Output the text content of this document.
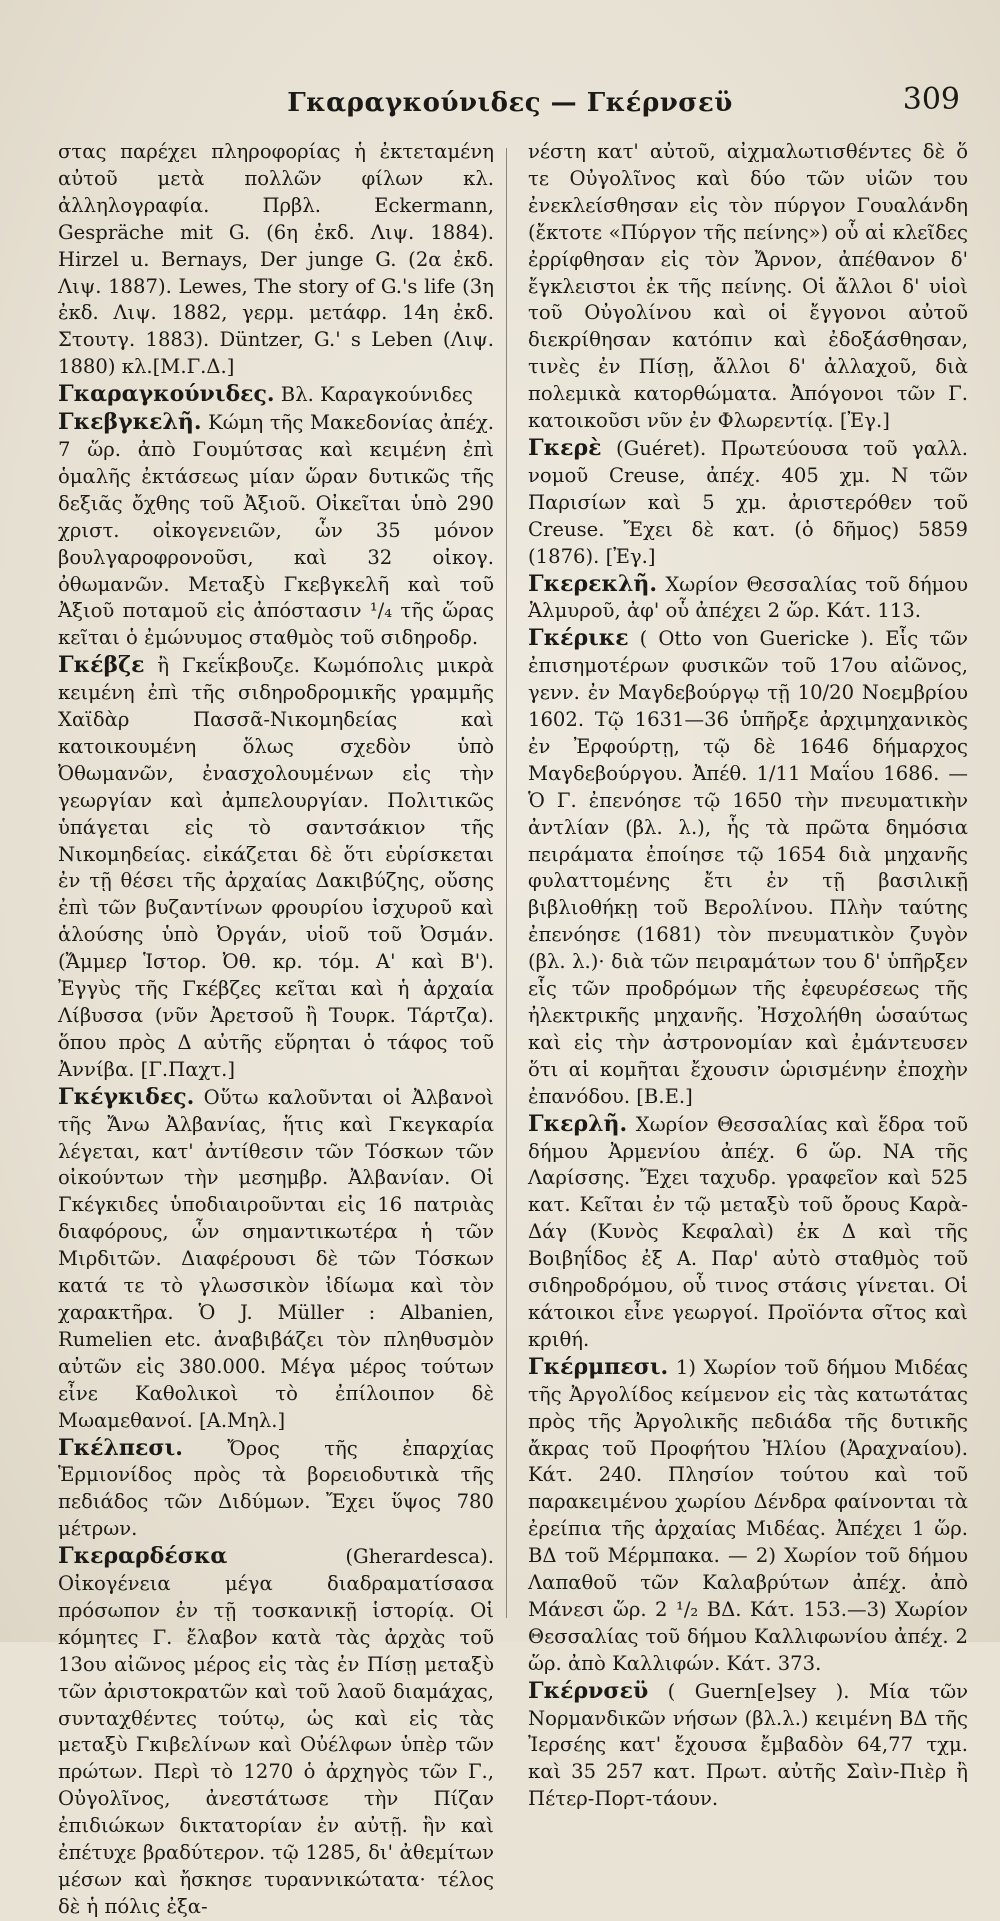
Γκαραγκούνιδες — Γκέρνσεϋ	309

στας παρέχει πληροφορίας ἡ ἐκτεταμένη αὐτοῦ μετὰ πολλῶν φίλων κλ. ἀλληλογραφία. Πρβλ. Eckermann, Gespräche mit G. (6η ἐκδ. Λιψ. 1884). Hirzel u. Bernays, Der junge G. (2α ἐκδ. Λιψ. 1887). Lewes, The story of G.'s life (3η ἐκδ. Λιψ. 1882, γερμ. μετάφρ. 14η ἐκδ. Στουτγ. 1883). Düntzer, G.' s Leben (Λιψ. 1880) κλ.[Μ.Γ.Δ.]

Γκαραγκούνιδες. Βλ. Καραγκούνιδες

Γκεβγκελῆ. Κώμη τῆς Μακεδονίας ἀπέχ. 7 ὥρ. ἀπὸ Γουμύτσας καὶ κειμένη ἐπὶ ὁμαλῆς ἐκτάσεως μίαν ὥραν δυτικῶς τῆς δεξιᾶς ὄχθης τοῦ Ἀξιοῦ. Οἰκεῖται ὑπὸ 290 χριστ. οἰκογενειῶν, ὧν 35 μόνον βουλγαροφρονοῦσι, καὶ 32 οἰκογ. ὀθωμανῶν. Μεταξὺ Γκεβγκελῆ καὶ τοῦ Ἀξιοῦ ποταμοῦ εἰς ἀπόστασιν ¹/₄ τῆς ὥρας κεῖται ὁ ἐμώνυμος σταθμὸς τοῦ σιδηροδρ.

Γκέβζε ἢ Γκεΐκβουζε. Κωμόπολις μικρὰ κειμένη ἐπὶ τῆς σιδηροδρομικῆς γραμμῆς Χαϊδὰρ Πασσᾶ-Νικομηδείας καὶ κατοικουμένη ὅλως σχεδὸν ὑπὸ Ὀθωμανῶν, ἐνασχολουμένων εἰς τὴν γεωργίαν καὶ ἀμπελουργίαν. Πολιτικῶς ὑπάγεται εἰς τὸ σαντσάκιον τῆς Νικομηδείας. εἰκάζεται δὲ ὅτι εὑρίσκεται ἐν τῇ θέσει τῆς ἀρχαίας Δακιβύζης, οὔσης ἐπὶ τῶν βυζαντίνων φρουρίου ἰσχυροῦ καὶ ἁλούσης ὑπὸ Ὀργάν, υἱοῦ τοῦ Ὀσμάν. (Ἄμμερ Ἱστορ. Ὀθ. κρ. τόμ. Α' καὶ Β'). Ἐγγὺς τῆς Γκέβζες κεῖται καὶ ἡ ἀρχαία Λίβυσσα (νῦν Ἀρετσοῦ ἢ Τουρκ. Τάρτζα). ὅπου πρὸς Δ αὐτῆς εὕρηται ὁ τάφος τοῦ Ἀννίβα. [Γ.Παχτ.]

Γκέγκιδες. Οὕτω καλοῦνται οἱ Ἀλβανοὶ τῆς Ἄνω Ἀλβανίας, ἥτις καὶ Γκεγκαρία λέγεται, κατ' ἀντίθεσιν τῶν Τόσκων τῶν οἰκούντων τὴν μεσημβρ. Ἀλβανίαν. Οἱ Γκέγκιδες ὑποδιαιροῦνται εἰς 16 πατριὰς διαφόρους, ὧν σημαντικωτέρα ἡ τῶν Μιρδιτῶν. Διαφέρουσι δὲ τῶν Τόσκων κατά τε τὸ γλωσσικὸν ἰδίωμα καὶ τὸν χαρακτῆρα. Ὁ J. Müller : Albanien, Rumelien etc. ἀναβιβάζει τὸν πληθυσμὸν αὐτῶν εἰς 380.000. Μέγα μέρος τούτων εἶνε Καθολικοὶ τὸ ἐπίλοιπον δὲ Μωαμεθανοί. [Α.Μηλ.]

Γκέλπεσι. Ὄρος τῆς ἐπαρχίας Ἑρμιονίδος πρὸς τὰ βορειοδυτικὰ τῆς πεδιάδος τῶν Διδύμων. Ἔχει ὕψος 780 μέτρων.

Γκεραρδέσκα	(Gherardesca). Οἰκογένεια μέγα διαδραματίσασα πρόσωπον ἐν τῇ τοσκανικῇ ἱστορίᾳ. Οἱ κόμητες Γ. ἔλαβον κατὰ τὰς ἀρχὰς τοῦ 13ου αἰῶνος μέρος εἰς τὰς ἐν Πίσῃ μεταξὺ τῶν ἀριστοκρατῶν καὶ τοῦ λαοῦ διαμάχας, συνταχθέντες τούτῳ, ὡς καὶ εἰς τὰς μεταξὺ Γκιβελίνων καὶ Οὐέλφων ὑπὲρ τῶν πρώτων. Περὶ τὸ 1270 ὁ ἀρχηγὸς τῶν Γ., Οὐγολῖνος, ἀνεστάτωσε τὴν Πίζαν ἐπιδιώκων δικτατορίαν ἐν αὐτῇ. ἣν καὶ ἐπέτυχε βραδύτερον. τῷ 1285, δι' ἀθεμίτων μέσων καὶ ἤσκησε τυραννικώτατα· τέλος δὲ ἡ πόλις ἐξα-

νέστη κατ' αὐτοῦ, αἰχμαλωτισθέντες δὲ ὅ τε Οὐγολῖνος καὶ δύο τῶν υἱῶν του ἐνεκλείσθησαν εἰς τὸν πύργον Γουαλάνδη (ἔκτοτε «Πύργον τῆς πείνης») οὗ αἱ κλεῖδες ἐρρίφθησαν εἰς τὸν Ἄρνον, ἀπέθανον δ' ἔγκλειστοι ἐκ τῆς πείνης. Οἱ ἄλλοι δ' υἱοὶ τοῦ Οὐγολίνου καὶ οἱ ἔγγονοι αὐτοῦ διεκρίθησαν κατόπιν καὶ ἐδοξάσθησαν, τινὲς ἐν Πίσῃ, ἄλλοι δ' ἀλλαχοῦ, διὰ πολεμικὰ κατορθώματα. Ἀπόγονοι τῶν Γ. κατοικοῦσι νῦν ἐν Φλωρεντίᾳ. [Ἐγ.]

Γκερὲ (Guéret). Πρωτεύουσα τοῦ γαλλ. νομοῦ Creuse, ἀπέχ. 405 χμ. Ν τῶν Παρισίων καὶ 5 χμ. ἀριστερόθεν τοῦ Creuse. Ἔχει δὲ κατ. (ὁ δῆμος) 5859 (1876). [Ἐγ.]

Γκερεκλῆ. Χωρίον Θεσσαλίας τοῦ δήμου Ἁλμυροῦ, ἀφ' οὗ ἀπέχει 2 ὥρ. Κάτ. 113.

Γκέρικε ( Otto von Guericke ). Εἷς τῶν ἐπισημοτέρων φυσικῶν τοῦ 17ου αἰῶνος, γενν. ἐν Μαγδεβούργῳ τῇ 10/20 Νοεμβρίου 1602. Τῷ 1631—36 ὑπῆρξε ἀρχιμηχανικὸς ἐν Ἐρφούρτῃ, τῷ δὲ 1646 δήμαρχος Μαγδεβούργου. Ἀπέθ. 1/11 Μαΐου 1686. — Ὁ Γ. ἐπενόησε τῷ 1650 τὴν πνευματικὴν ἀντλίαν (βλ. λ.), ἧς τὰ πρῶτα δημόσια πειράματα ἐποίησε τῷ 1654 διὰ μηχανῆς φυλαττομένης ἔτι ἐν τῇ βασιλικῇ βιβλιοθήκῃ τοῦ Βερολίνου. Πλὴν ταύτης ἐπενόησε (1681) τὸν πνευματικὸν ζυγὸν (βλ. λ.)· διὰ τῶν πειραμάτων του δ' ὑπῆρξεν εἷς τῶν προδρόμων τῆς ἐφευρέσεως τῆς ἠλεκτρικῆς μηχανῆς. Ἠσχολήθη ὡσαύτως καὶ εἰς τὴν ἀστρονομίαν καὶ ἐμάντευσεν ὅτι αἱ κομῆται ἔχουσιν ὡρισμένην ἐποχὴν ἐπανόδου. [Β.Ε.]

Γκερλῆ. Χωρίον Θεσσαλίας καὶ ἕδρα τοῦ δήμου Ἀρμενίου ἀπέχ. 6 ὥρ. ΝΑ τῆς Λαρίσσης. Ἔχει ταχυδρ. γραφεῖον καὶ 525 κατ. Κεῖται ἐν τῷ μεταξὺ τοῦ ὄρους Καρὰ-Δάγ (Κυνὸς Κεφαλαὶ) ἐκ Δ καὶ τῆς Βοιβηΐδος ἐξ Α. Παρ' αὐτὸ σταθμὸς τοῦ σιδηροδρόμου, οὗ τινος στάσις γίνεται. Οἱ κάτοικοι εἶνε γεωργοί. Προϊόντα σῖτος καὶ κριθή.

Γκέρμπεσι. 1) Χωρίον τοῦ δήμου Μιδέας τῆς Ἀργολίδος κείμενον εἰς τὰς κατωτάτας πρὸς τῆς Ἀργολικῆς πεδιάδα τῆς δυτικῆς ἄκρας τοῦ Προφήτου Ἠλίου (Ἀραχναίου). Κάτ. 240. Πλησίον τούτου καὶ τοῦ παρακειμένου χωρίου Δένδρα φαίνονται τὰ ἐρείπια τῆς ἀρχαίας Μιδέας. Ἀπέχει 1 ὥρ. ΒΔ τοῦ Μέρμπακα. — 2) Χωρίον τοῦ δήμου Λαπαθοῦ τῶν Καλαβρύτων ἀπέχ. ἀπὸ Μάνεσι ὥρ. 2 ¹/₂ ΒΔ. Κάτ. 153.—3) Χωρίον Θεσσαλίας τοῦ δήμου Καλλιφωνίου ἀπέχ. 2 ὥρ. ἀπὸ Καλλιφών. Κάτ. 373.

Γκέρνσεϋ ( Guern[e]sey ). Μία τῶν Νορμανδικῶν νήσων (βλ.λ.) κειμένη ΒΔ τῆς Ἰερσέης κατ' ἔχουσα ἔμβαδὸν 64,77 τχμ. καὶ 35 257 κατ. Πρωτ. αὐτῆς Σαὶν-Πιὲρ ἢ Πέτερ-Πορτ-τάουν.
